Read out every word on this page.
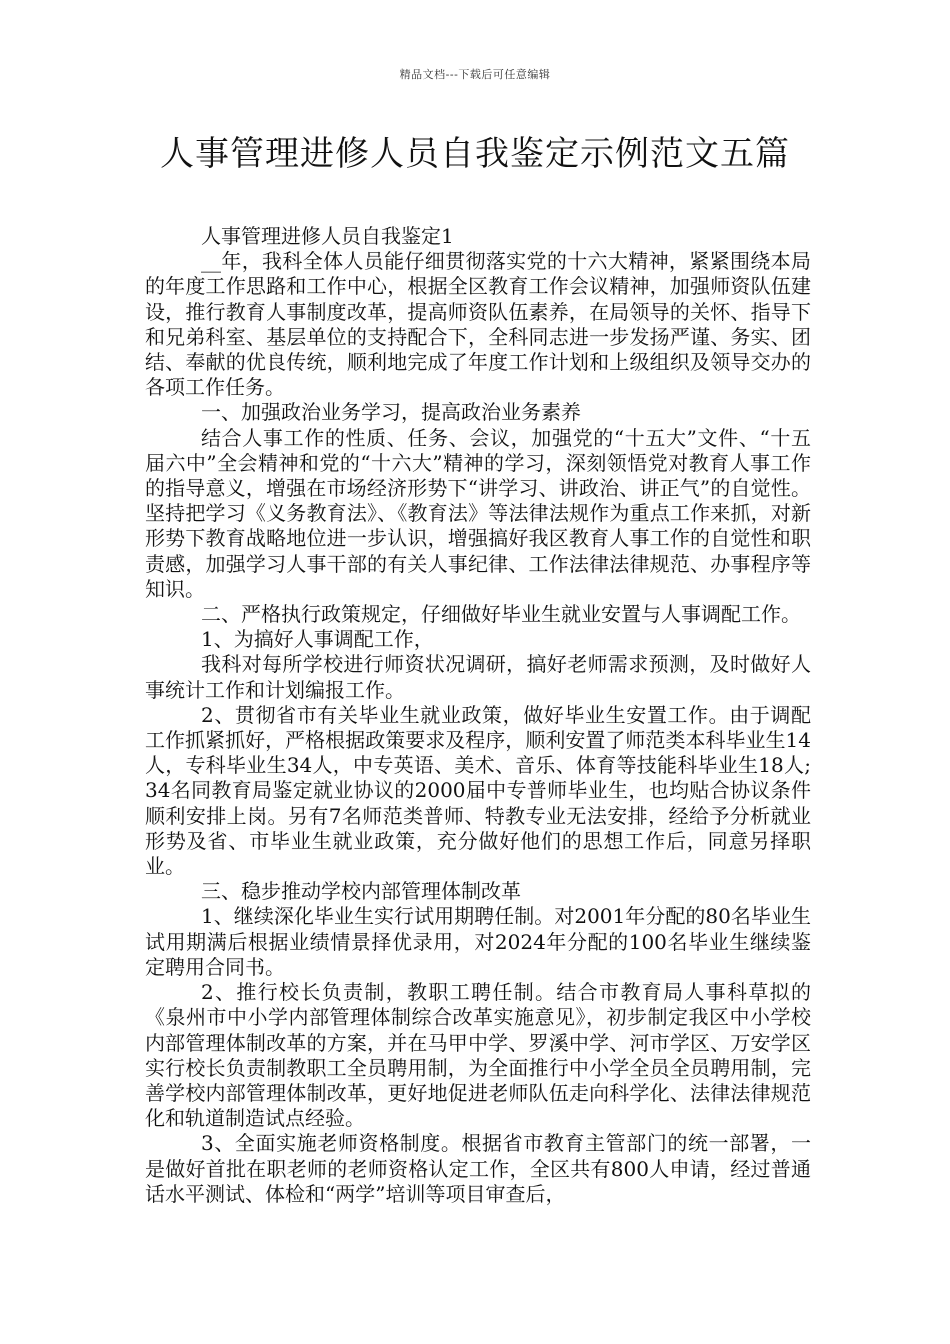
精品文档---下载后可任意编辑
人事管理进修人员自我鉴定示例范文五篇

人事管理进修人员自我鉴定1

__年，我科全体人员能仔细贯彻落实党的十六大精神，紧紧围绕本局的年度工作思路和工作中心，根据全区教育工作会议精神，加强师资队伍建设，推行教育人事制度改革，提高师资队伍素养，在局领导的关怀、指导下和兄弟科室、基层单位的支持配合下，全科同志进一步发扬严谨、务实、团结、奉献的优良传统，顺利地完成了年度工作计划和上级组织及领导交办的各项工作任务。

一、加强政治业务学习，提高政治业务素养

结合人事工作的性质、任务、会议，加强党的“十五大”文件、“十五届六中”全会精神和党的“十六大”精神的学习，深刻领悟党对教育人事工作的指导意义，增强在市场经济形势下“讲学习、讲政治、讲正气”的自觉性。坚持把学习《义务教育法》、《教育法》等法律法规作为重点工作来抓，对新形势下教育战略地位进一步认识，增强搞好我区教育人事工作的自觉性和职责感，加强学习人事干部的有关人事纪律、工作法律法律规范、办事程序等知识。

二、严格执行政策规定，仔细做好毕业生就业安置与人事调配工作。

1、为搞好人事调配工作，

我科对每所学校进行师资状况调研，搞好老师需求预测，及时做好人事统计工作和计划编报工作。

2、贯彻省市有关毕业生就业政策，做好毕业生安置工作。由于调配工作抓紧抓好，严格根据政策要求及程序，顺利安置了师范类本科毕业生14人，专科毕业生34人，中专英语、美术、音乐、体育等技能科毕业生18人;34名同教育局鉴定就业协议的2000届中专普师毕业生，也均贴合协议条件顺利安排上岗。另有7名师范类普师、特教专业无法安排，经给予分析就业形势及省、市毕业生就业政策，充分做好他们的思想工作后，同意另择职业。

三、稳步推动学校内部管理体制改革

1、继续深化毕业生实行试用期聘任制。对2001年分配的80名毕业生试用期满后根据业绩情景择优录用，对2024年分配的100名毕业生继续鉴定聘用合同书。

2、推行校长负责制，教职工聘任制。结合市教育局人事科草拟的《泉州市中小学内部管理体制综合改革实施意见》，初步制定我区中小学校内部管理体制改革的方案，并在马甲中学、罗溪中学、河市学区、万安学区实行校长负责制教职工全员聘用制，为全面推行中小学全员全员聘用制，完善学校内部管理体制改革，更好地促进老师队伍走向科学化、法律法律规范化和轨道制造试点经验。

3、全面实施老师资格制度。根据省市教育主管部门的统一部署，一是做好首批在职老师的老师资格认定工作，全区共有800人申请，经过普通话水平测试、体检和“两学”培训等项目审查后，
